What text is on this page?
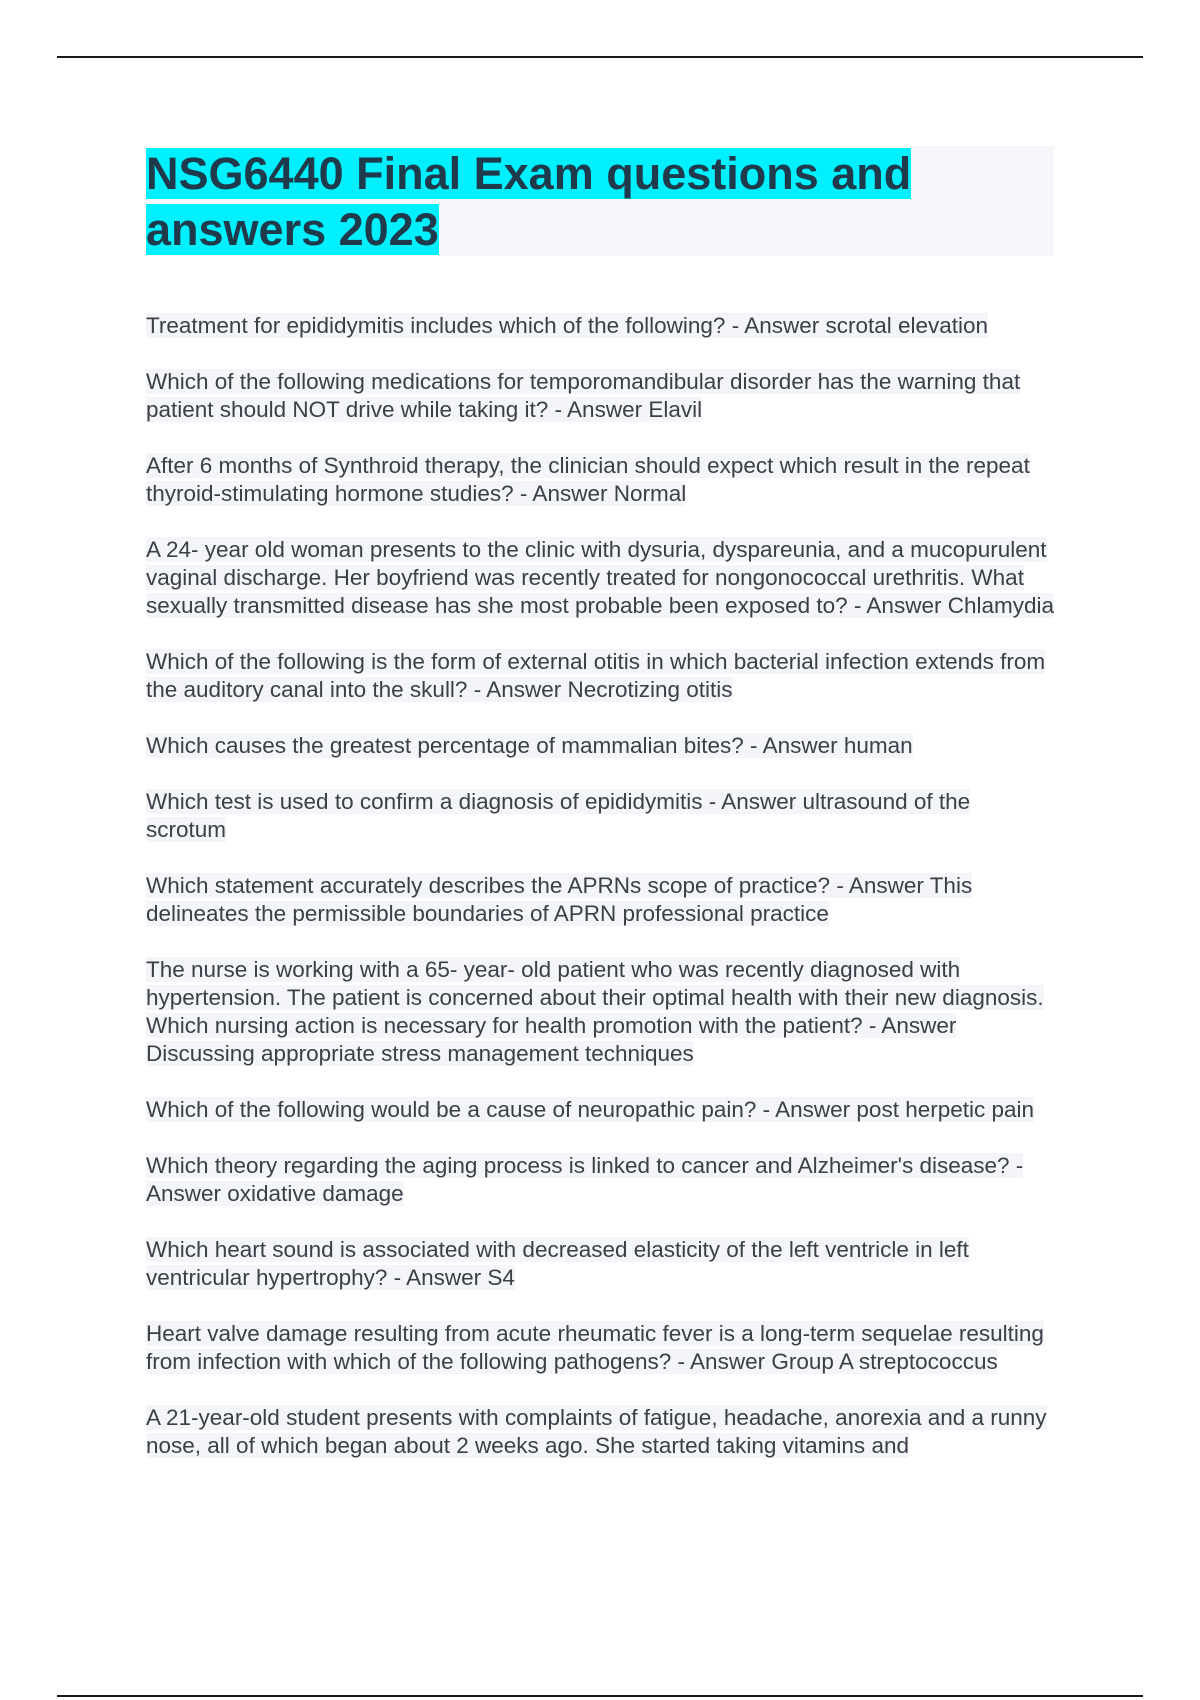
NSG6440 Final Exam questions and answers 2023
Treatment for epididymitis includes which of the following? - Answer scrotal elevation
Which of the following medications for temporomandibular disorder has the warning that patient should NOT drive while taking it? - Answer Elavil
After 6 months of Synthroid therapy, the clinician should expect which result in the repeat thyroid-stimulating hormone studies? - Answer Normal
A 24- year old woman presents to the clinic with dysuria, dyspareunia, and a mucopurulent vaginal discharge. Her boyfriend was recently treated for nongonococcal urethritis. What sexually transmitted disease has she most probable been exposed to? - Answer Chlamydia
Which of the following is the form of external otitis in which bacterial infection extends from the auditory canal into the skull? - Answer Necrotizing otitis
Which causes the greatest percentage of mammalian bites? - Answer human
Which test is used to confirm a diagnosis of epididymitis - Answer ultrasound of the scrotum
Which statement accurately describes the APRNs scope of practice? - Answer This delineates the permissible boundaries of APRN professional practice
The nurse is working with a 65- year- old patient who was recently diagnosed with hypertension. The patient is concerned about their optimal health with their new diagnosis. Which nursing action is necessary for health promotion with the patient? - Answer Discussing appropriate stress management techniques
Which of the following would be a cause of neuropathic pain? - Answer post herpetic pain
Which theory regarding the aging process is linked to cancer and Alzheimer's disease? - Answer oxidative damage
Which heart sound is associated with decreased elasticity of the left ventricle in left ventricular hypertrophy? - Answer S4
Heart valve damage resulting from acute rheumatic fever is a long-term sequelae resulting from infection with which of the following pathogens? - Answer Group A streptococcus
A 21-year-old student presents with complaints of fatigue, headache, anorexia and a runny nose, all of which began about 2 weeks ago. She started taking vitamins and
